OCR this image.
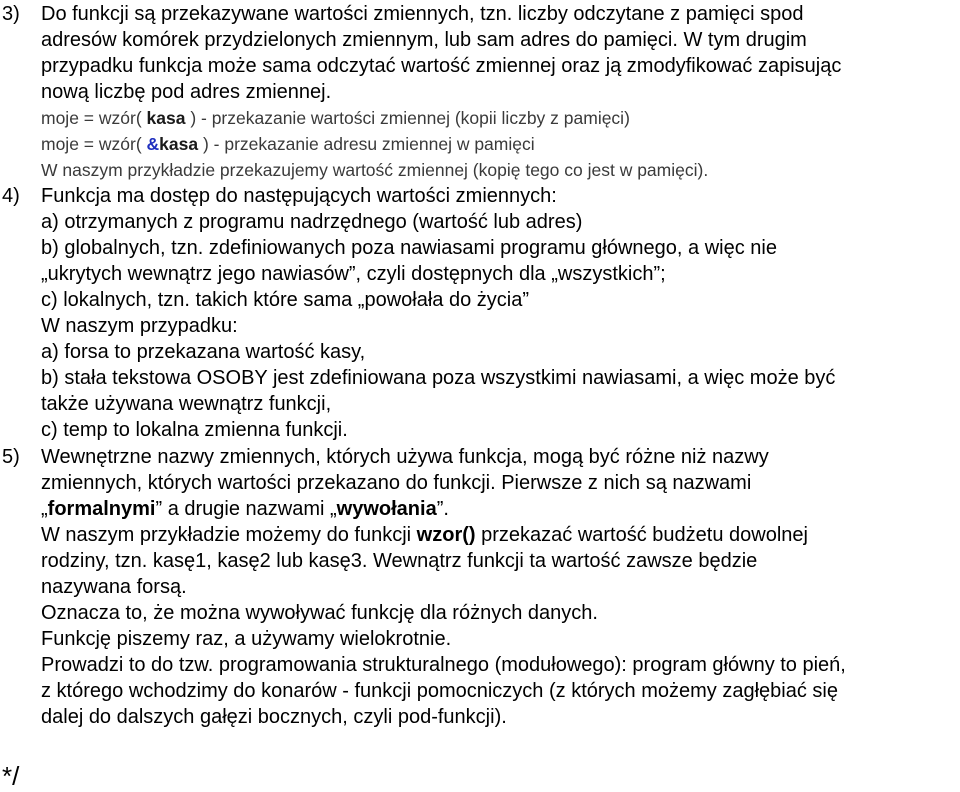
3) Do funkcji są przekazywane wartości zmiennych, tzn. liczby odczytane z pamięci spod
adresów komórek przydzielonych zmiennym, lub sam adres do pamięci. W tym drugim
przypadku funkcja może sama odczytać wartość zmiennej oraz ją zmodyfikować zapisując
nową liczbę pod adres zmiennej.
moje = wzór( kasa ) - przekazanie wartości zmiennej (kopii liczby z pamięci)
moje = wzór( &kasa ) - przekazanie adresu zmiennej w pamięci
W naszym przykładzie przekazujemy wartość zmiennej (kopię tego co jest w pamięci).
4) Funkcja ma dostęp do następujących wartości zmiennych:
a) otrzymanych z programu nadrzędnego (wartość lub adres)
b) globalnych, tzn. zdefiniowanych poza nawiasami programu głównego, a więc nie
„ukrytych wewnątrz jego nawiasów”, czyli dostępnych dla „wszystkich”;
c) lokalnych, tzn. takich które sama „powołała do życia”
W naszym przypadku:
a) forsa to przekazana wartość kasy,
b) stała tekstowa OSOBY jest zdefiniowana poza wszystkimi nawiasami, a więc może być
także używana wewnątrz funkcji,
c) temp to lokalna zmienna funkcji.
5) Wewnętrzne nazwy zmiennych, których używa funkcja, mogą być różne niż nazwy
zmiennych, których wartości przekazano do funkcji. Pierwsze z nich są nazwami
„formalnymi” a drugie nazwami „wywołania”.
W naszym przykładzie możemy do funkcji wzor() przekazać wartość budżetu dowolnej
rodziny, tzn. kasę1, kasę2 lub kasę3. Wewnątrz funkcji ta wartość zawsze będzie
nazywana forsą.
Oznacza to, że można wywoływać funkcję dla różnych danych.
Funkcję piszemy raz, a używamy wielokrotnie.
Prowadzi to do tzw. programowania strukturalnego (modułowego): program główny to pień,
z którego wchodzimy do konarów - funkcji pomocniczych (z których możemy zagłębiać się
dalej do dalszych gałęzi bocznych, czyli pod-funkcji).
*/
